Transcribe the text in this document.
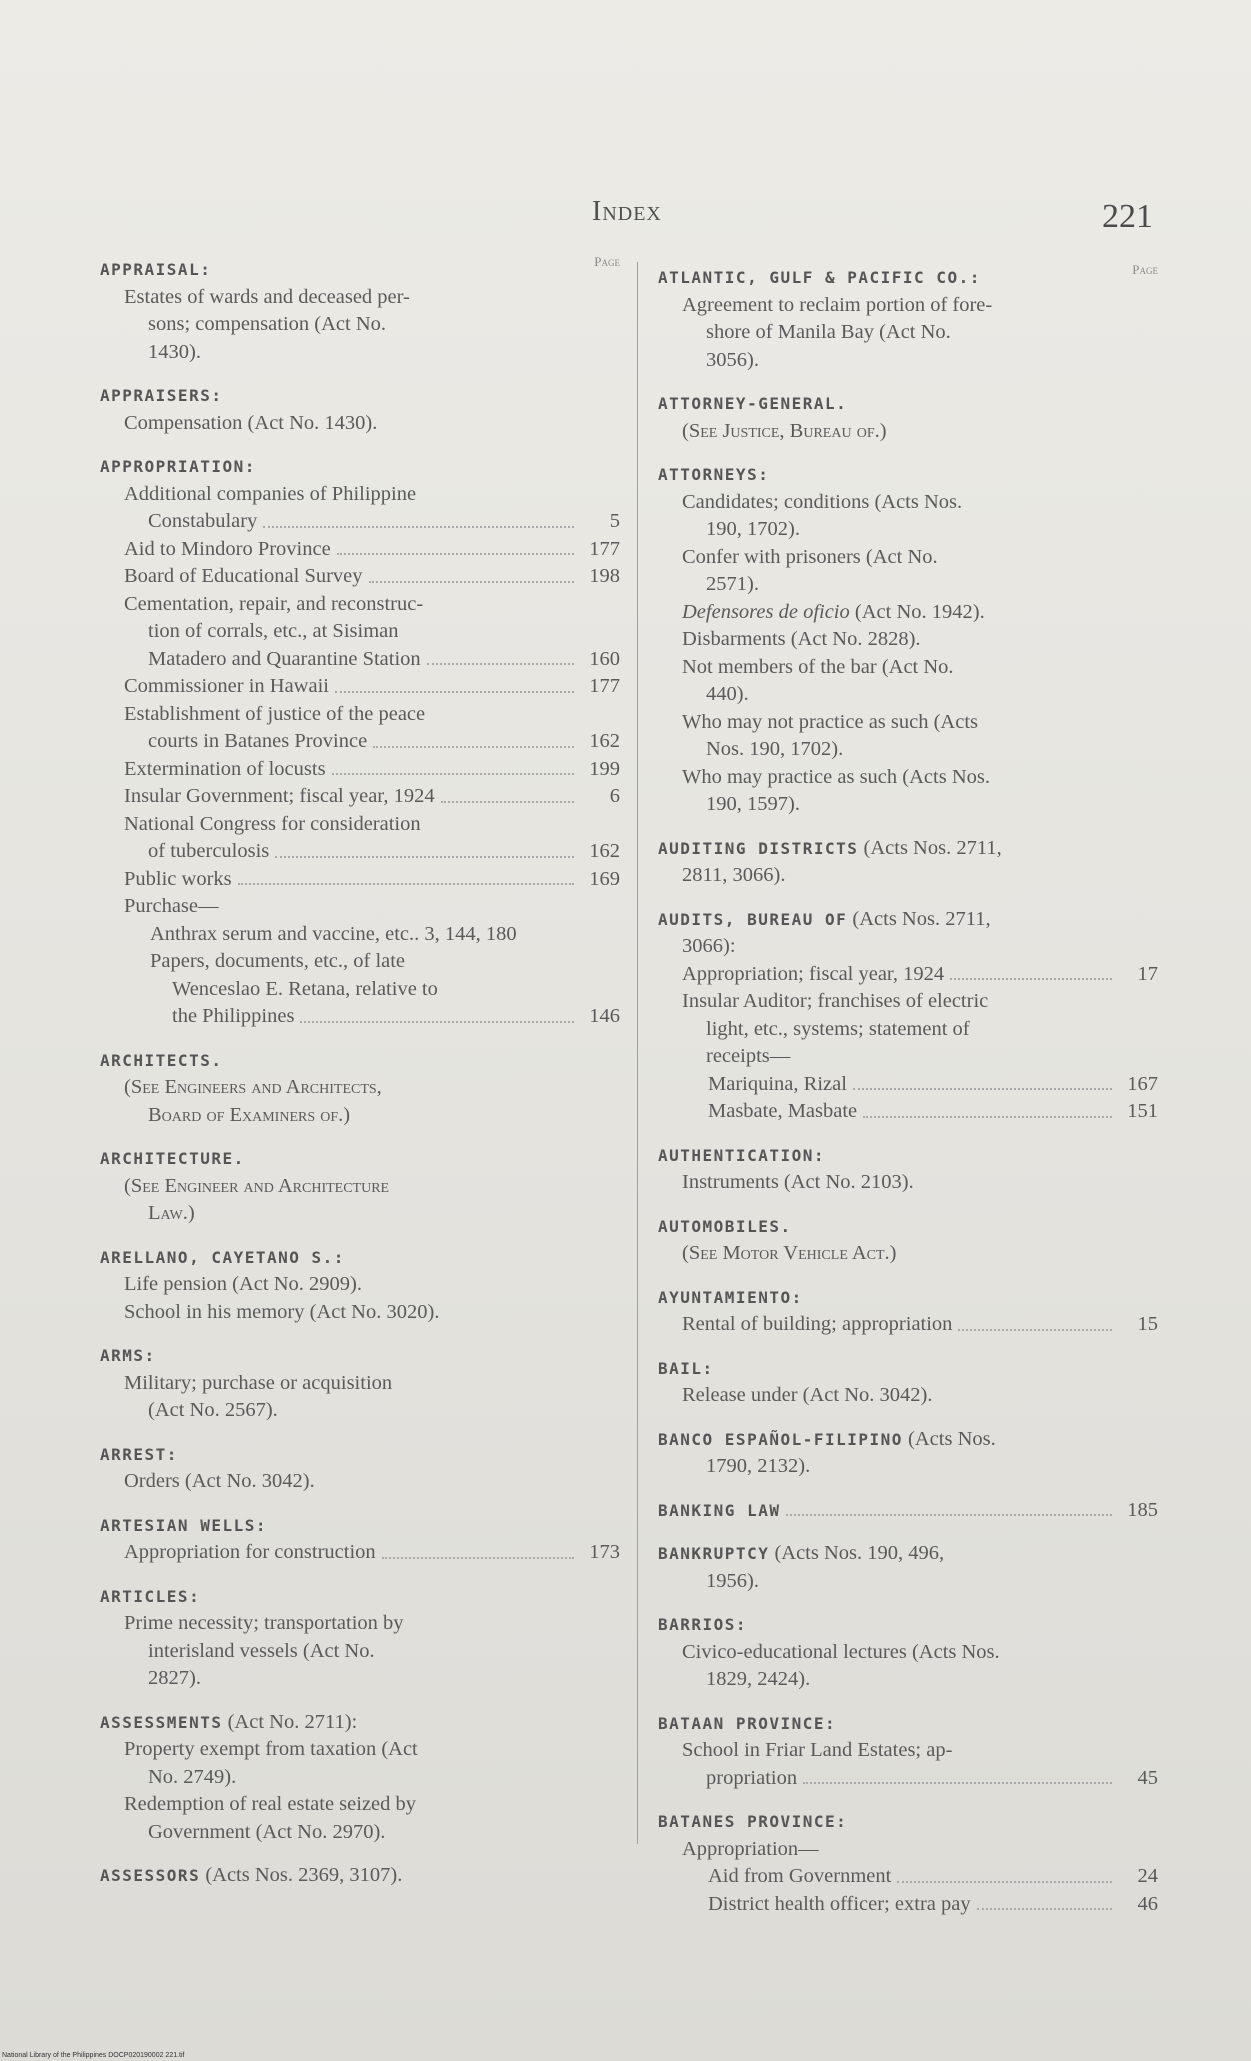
Index	221
Page
APPRAISAL:
Estates of wards and deceased per-
sons; compensation (Act No.
1430).
APPRAISERS:
Compensation (Act No. 1430).
APPROPRIATION:
Additional companies of Philippine
Constabulary	5
Aid to Mindoro Province	177
Board of Educational Survey	198
Cementation, repair, and reconstruc-
tion of corrals, etc., at Sisiman
Matadero and Quarantine Station	160
Commissioner in Hawaii	177
Establishment of justice of the peace
courts in Batanes Province	162
Extermination of locusts	199
Insular Government; fiscal year, 1924	6
National Congress for consideration
of tuberculosis	162
Public works	169
Purchase—
Anthrax serum and vaccine, etc.. 3, 144, 180
Papers, documents, etc., of late
Wenceslao E. Retana, relative to
the Philippines	146
ARCHITECTS.
(See Engineers and Architects,
Board of Examiners of.)
ARCHITECTURE.
(See Engineer and Architecture
Law.)
ARELLANO, CAYETANO S.:
Life pension (Act No. 2909).
School in his memory (Act No. 3020).
ARMS:
Military; purchase or acquisition
(Act No. 2567).
ARREST:
Orders (Act No. 3042).
ARTESIAN WELLS:
Appropriation for construction	173
ARTICLES:
Prime necessity; transportation by
interisland vessels (Act No.
2827).
ASSESSMENTS (Act No. 2711):
Property exempt from taxation (Act
No. 2749).
Redemption of real estate seized by
Government (Act No. 2970).
ASSESSORS (Acts Nos. 2369, 3107).
Page
ATLANTIC, GULF & PACIFIC CO.:
Agreement to reclaim portion of fore-
shore of Manila Bay (Act No.
3056).
ATTORNEY-GENERAL.
(See Justice, Bureau of.)
ATTORNEYS:
Candidates; conditions (Acts Nos.
190, 1702).
Confer with prisoners (Act No.
2571).
Defensores de oficio (Act No. 1942).
Disbarments (Act No. 2828).
Not members of the bar (Act No.
440).
Who may not practice as such (Acts
Nos. 190, 1702).
Who may practice as such (Acts Nos.
190, 1597).
AUDITING DISTRICTS (Acts Nos. 2711,
2811, 3066).
AUDITS, BUREAU OF (Acts Nos. 2711,
3066):
Appropriation; fiscal year, 1924	17
Insular Auditor; franchises of electric
light, etc., systems; statement of
receipts—
Mariquina, Rizal	167
Masbate, Masbate	151
AUTHENTICATION:
Instruments (Act No. 2103).
AUTOMOBILES.
(See Motor Vehicle Act.)
AYUNTAMIENTO:
Rental of building; appropriation	15
BAIL:
Release under (Act No. 3042).
BANCO ESPAÑOL-FILIPINO (Acts Nos.
1790, 2132).
BANKING LAW	185
BANKRUPTCY (Acts Nos. 190, 496,
1956).
BARRIOS:
Civico-educational lectures (Acts Nos.
1829, 2424).
BATAAN PROVINCE:
School in Friar Land Estates; ap-
propriation	45
BATANES PROVINCE:
Appropriation—
Aid from Government	24
District health officer; extra pay	46
National Library of the Philippines DOCP020190002 221.tif
